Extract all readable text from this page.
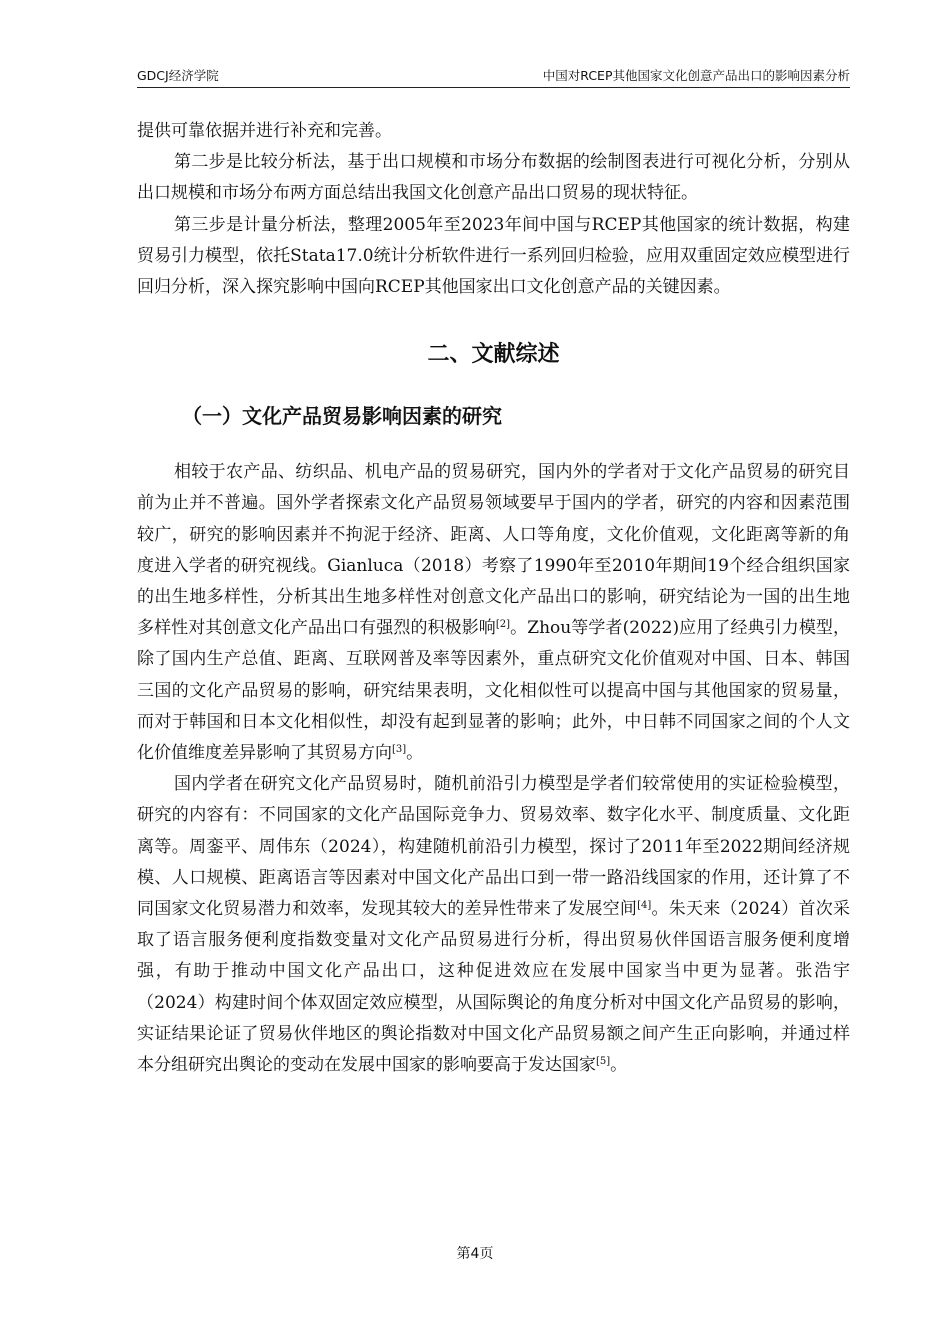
GDCJ经济学院	中国对RCEP其他国家文化创意产品出口的影响因素分析

提供可靠依据并进行补充和完善。

第二步是比较分析法，基于出口规模和市场分布数据的绘制图表进行可视化分析，分别从出口规模和市场分布两方面总结出我国文化创意产品出口贸易的现状特征。

第三步是计量分析法，整理2005年至2023年间中国与RCEP其他国家的统计数据，构建贸易引力模型，依托Stata17.0统计分析软件进行一系列回归检验，应用双重固定效应模型进行回归分析，深入探究影响中国向RCEP其他国家出口文化创意产品的关键因素。

二、文献综述
（一）文化产品贸易影响因素的研究

相较于农产品、纺织品、机电产品的贸易研究，国内外的学者对于文化产品贸易的研究目前为止并不普遍。国外学者探索文化产品贸易领域要早于国内的学者，研究的内容和因素范围较广，研究的影响因素并不拘泥于经济、距离、人口等角度，文化价值观，文化距离等新的角度进入学者的研究视线。Gianluca（2018）考察了1990年至2010年期间19个经合组织国家的出生地多样性，分析其出生地多样性对创意文化产品出口的影响，研究结论为一国的出生地多样性对其创意文化产品出口有强烈的积极影响[2]。Zhou等学者(2022)应用了经典引力模型，除了国内生产总值、距离、互联网普及率等因素外，重点研究文化价值观对中国、日本、韩国三国的文化产品贸易的影响，研究结果表明，文化相似性可以提高中国与其他国家的贸易量，而对于韩国和日本文化相似性，却没有起到显著的影响；此外，中日韩不同国家之间的个人文化价值维度差异影响了其贸易方向[3]。

国内学者在研究文化产品贸易时，随机前沿引力模型是学者们较常使用的实证检验模型，研究的内容有：不同国家的文化产品国际竞争力、贸易效率、数字化水平、制度质量、文化距离等。周銮平、周伟东（2024），构建随机前沿引力模型，探讨了2011年至2022期间经济规模、人口规模、距离语言等因素对中国文化产品出口到一带一路沿线国家的作用，还计算了不同国家文化贸易潜力和效率，发现其较大的差异性带来了发展空间[4]。朱天来（2024）首次采取了语言服务便利度指数变量对文化产品贸易进行分析，得出贸易伙伴国语言服务便利度增强，有助于推动中国文化产品出口，这种促进效应在发展中国家当中更为显著。张浩宇（2024）构建时间个体双固定效应模型，从国际舆论的角度分析对中国文化产品贸易的影响，实证结果论证了贸易伙伴地区的舆论指数对中国文化产品贸易额之间产生正向影响，并通过样本分组研究出舆论的变动在发展中国家的影响要高于发达国家[5]。

第4页
